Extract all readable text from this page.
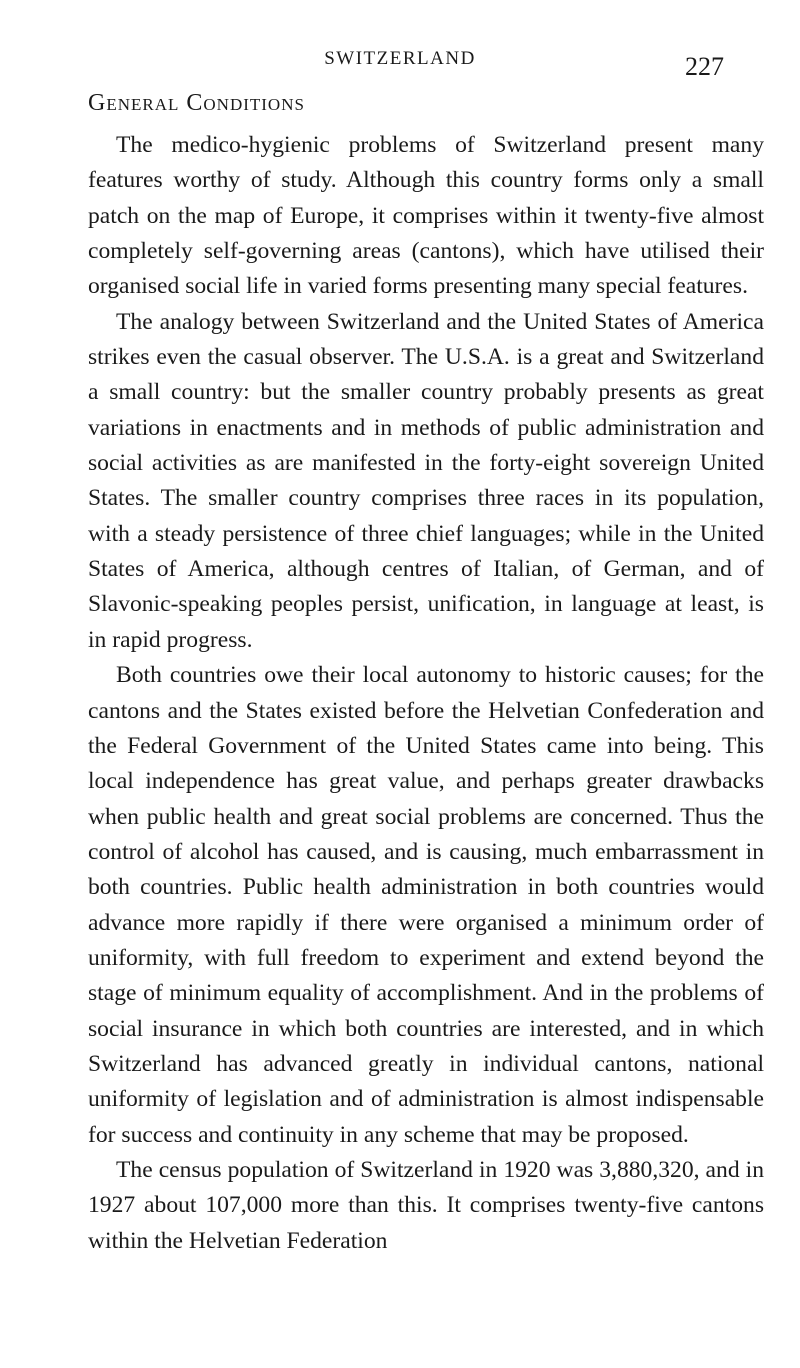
SWITZERLAND	227
General Conditions

The medico-hygienic problems of Switzerland present many features worthy of study. Although this country forms only a small patch on the map of Europe, it comprises within it twenty-five almost completely self-governing areas (cantons), which have utilised their organised social life in varied forms presenting many special features.

The analogy between Switzerland and the United States of America strikes even the casual observer. The U.S.A. is a great and Switzerland a small country: but the smaller country probably presents as great variations in enactments and in methods of public administration and social activities as are manifested in the forty-eight sovereign United States. The smaller country comprises three races in its population, with a steady persistence of three chief languages; while in the United States of America, although centres of Italian, of German, and of Slavonic-speaking peoples persist, unification, in language at least, is in rapid progress.

Both countries owe their local autonomy to historic causes; for the cantons and the States existed before the Helvetian Confederation and the Federal Government of the United States came into being. This local independence has great value, and perhaps greater drawbacks when public health and great social problems are concerned. Thus the control of alcohol has caused, and is causing, much embarrassment in both countries. Public health administration in both countries would advance more rapidly if there were organised a minimum order of uniformity, with full freedom to experiment and extend beyond the stage of minimum equality of accomplishment. And in the problems of social insurance in which both countries are interested, and in which Switzerland has advanced greatly in individual cantons, national uniformity of legislation and of administration is almost indispensable for success and continuity in any scheme that may be proposed.

The census population of Switzerland in 1920 was 3,880,320, and in 1927 about 107,000 more than this. It comprises twenty-five cantons within the Helvetian Federation
